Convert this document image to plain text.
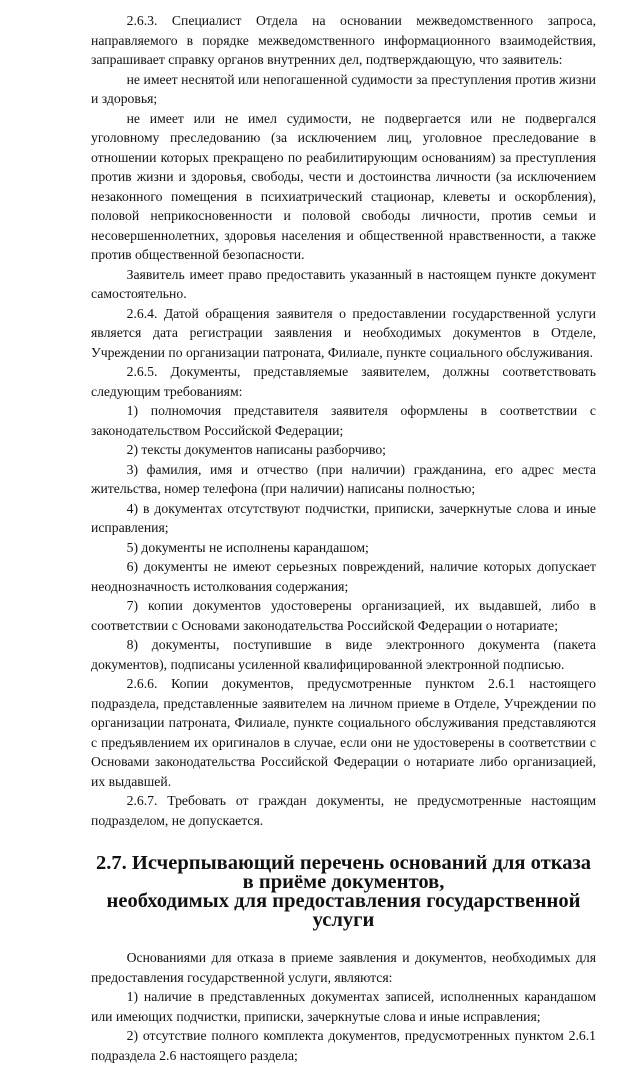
2.6.3. Специалист Отдела на основании межведомственного запроса, направляемого в порядке межведомственного информационного взаимодействия, запрашивает справку органов внутренних дел, подтверждающую, что заявитель:

не имеет неснятой или непогашенной судимости за преступления против жизни и здоровья;

не имеет или не имел судимости, не подвергается или не подвергался уголовному преследованию (за исключением лиц, уголовное преследование в отношении которых прекращено по реабилитирующим основаниям) за преступления против жизни и здоровья, свободы, чести и достоинства личности (за исключением незаконного помещения в психиатрический стационар, клеветы и оскорбления), половой неприкосновенности и половой свободы личности, против семьи и несовершеннолетних, здоровья населения и общественной нравственности, а также против общественной безопасности.

Заявитель имеет право предоставить указанный в настоящем пункте документ самостоятельно.

2.6.4. Датой обращения заявителя о предоставлении государственной услуги является дата регистрации заявления и необходимых документов в Отделе, Учреждении по организации патроната, Филиале, пункте социального обслуживания.

2.6.5. Документы, представляемые заявителем, должны соответствовать следующим требованиям:

1) полномочия представителя заявителя оформлены в соответствии с законодательством Российской Федерации;

2) тексты документов написаны разборчиво;

3) фамилия, имя и отчество (при наличии) гражданина, его адрес места жительства, номер телефона (при наличии) написаны полностью;

4) в документах отсутствуют подчистки, приписки, зачеркнутые слова и иные исправления;

5) документы не исполнены карандашом;

6) документы не имеют серьезных повреждений, наличие которых допускает неоднозначность истолкования содержания;

7) копии документов удостоверены организацией, их выдавшей, либо в соответствии с Основами законодательства Российской Федерации о нотариате;

8) документы, поступившие в виде электронного документа (пакета документов), подписаны усиленной квалифицированной электронной подписью.

2.6.6. Копии документов, предусмотренные пунктом 2.6.1 настоящего подраздела, представленные заявителем на личном приеме в Отделе, Учреждении по организации патроната, Филиале, пункте социального обслуживания представляются с предъявлением их оригиналов в случае, если они не удостоверены в соответствии с Основами законодательства Российской Федерации о нотариате либо организацией, их выдавшей.

2.6.7. Требовать от граждан документы, не предусмотренные настоящим подразделом, не допускается.

2.7. Исчерпывающий перечень оснований для отказа в приёме документов,
необходимых для предоставления государственной услуги

Основаниями для отказа в приеме заявления и документов, необходимых для предоставления государственной услуги, являются:

1) наличие в представленных документах записей, исполненных карандашом или имеющих подчистки, приписки, зачеркнутые слова и иные исправления;

2) отсутствие полного комплекта документов, предусмотренных пунктом 2.6.1 подраздела 2.6 настоящего раздела;
